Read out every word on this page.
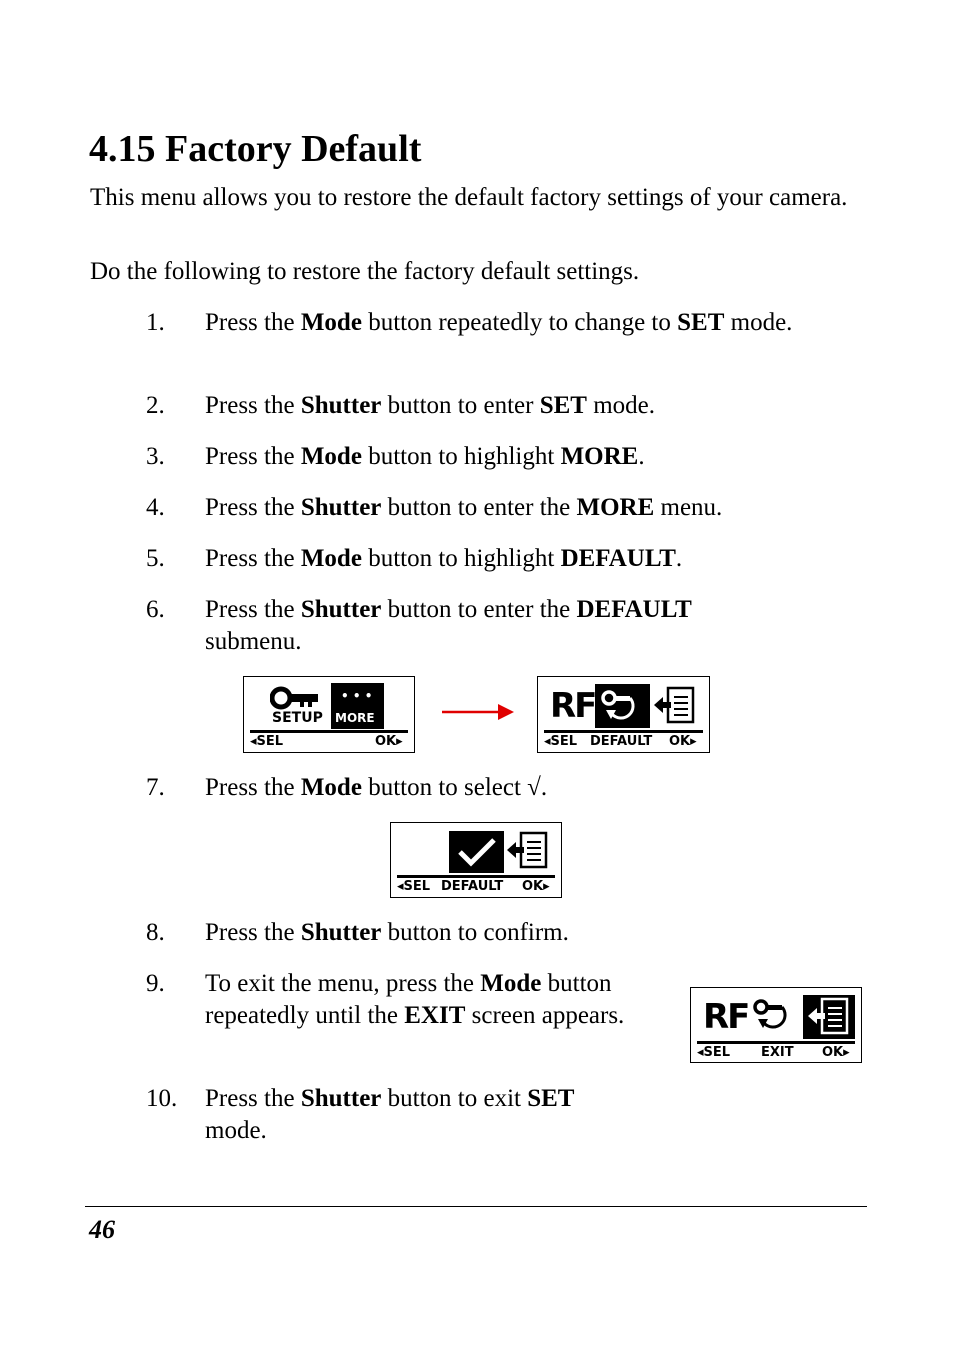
4.15 Factory Default

This menu allows you to restore the default factory settings of your camera.

Do the following to restore the factory default settings.

1. Press the Mode button repeatedly to change to SET mode.
2. Press the Shutter button to enter SET mode.
3. Press the Mode button to highlight MORE.
4. Press the Shutter button to enter the MORE menu.
5. Press the Mode button to highlight DEFAULT.
6. Press the Shutter button to enter the DEFAULT submenu.
7. Press the Mode button to select √.
8. Press the Shutter button to confirm.
9. To exit the menu, press the Mode button repeatedly until the EXIT screen appears.
10. Press the Shutter button to exit SET mode.
SETUP
• • •
MORE
◂SEL	OK▸
RF
◂SEL DEFAULT OK▸
◂SEL DEFAULT OK▸
RF
◂SEL EXIT OK▸
46
